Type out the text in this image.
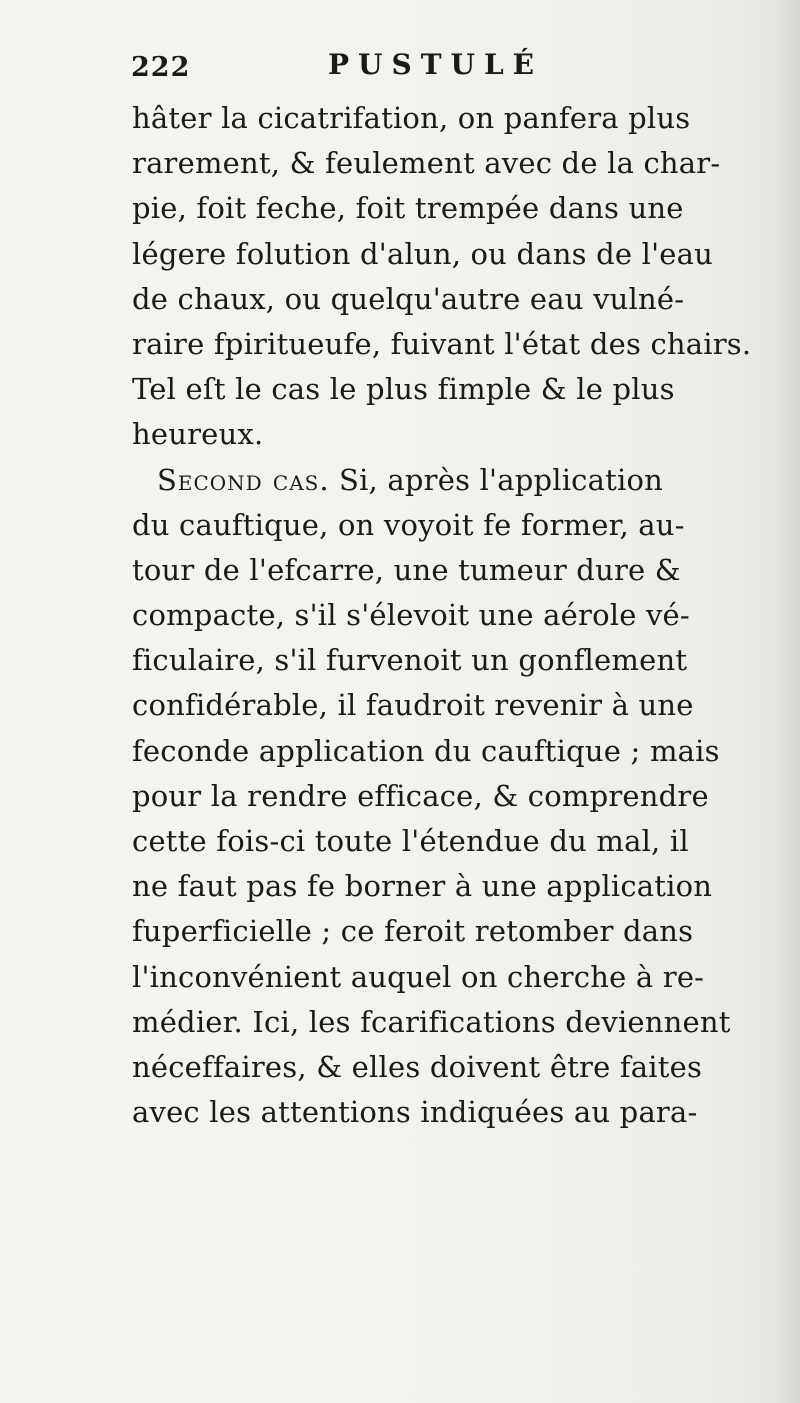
222	PUSTULÉ
hâter la cicatrifation, on panfera plus
rarement, & feulement avec de la char-
pie, foit feche, foit trempée dans une
légere folution d'alun, ou dans de l'eau
de chaux, ou quelqu'autre eau vulné-
raire fpiritueufe, fuivant l'état des chairs.
Tel eſt le cas le plus fimple & le plus
heureux.
Second cas. Si, après l'application
du cauftique, on voyoit fe former, au-
tour de l'efcarre, une tumeur dure &
compacte, s'il s'élevoit une aérole vé-
ficulaire, s'il furvenoit un gonflement
confidérable, il faudroit revenir à une
feconde application du cauftique ; mais
pour la rendre efficace, & comprendre
cette fois-ci toute l'étendue du mal, il
ne faut pas fe borner à une application
fuperficielle ; ce feroit retomber dans
l'inconvénient auquel on cherche à re-
médier. Ici, les fcarifications deviennent
néceffaires, & elles doivent être faites
avec les attentions indiquées au para-
